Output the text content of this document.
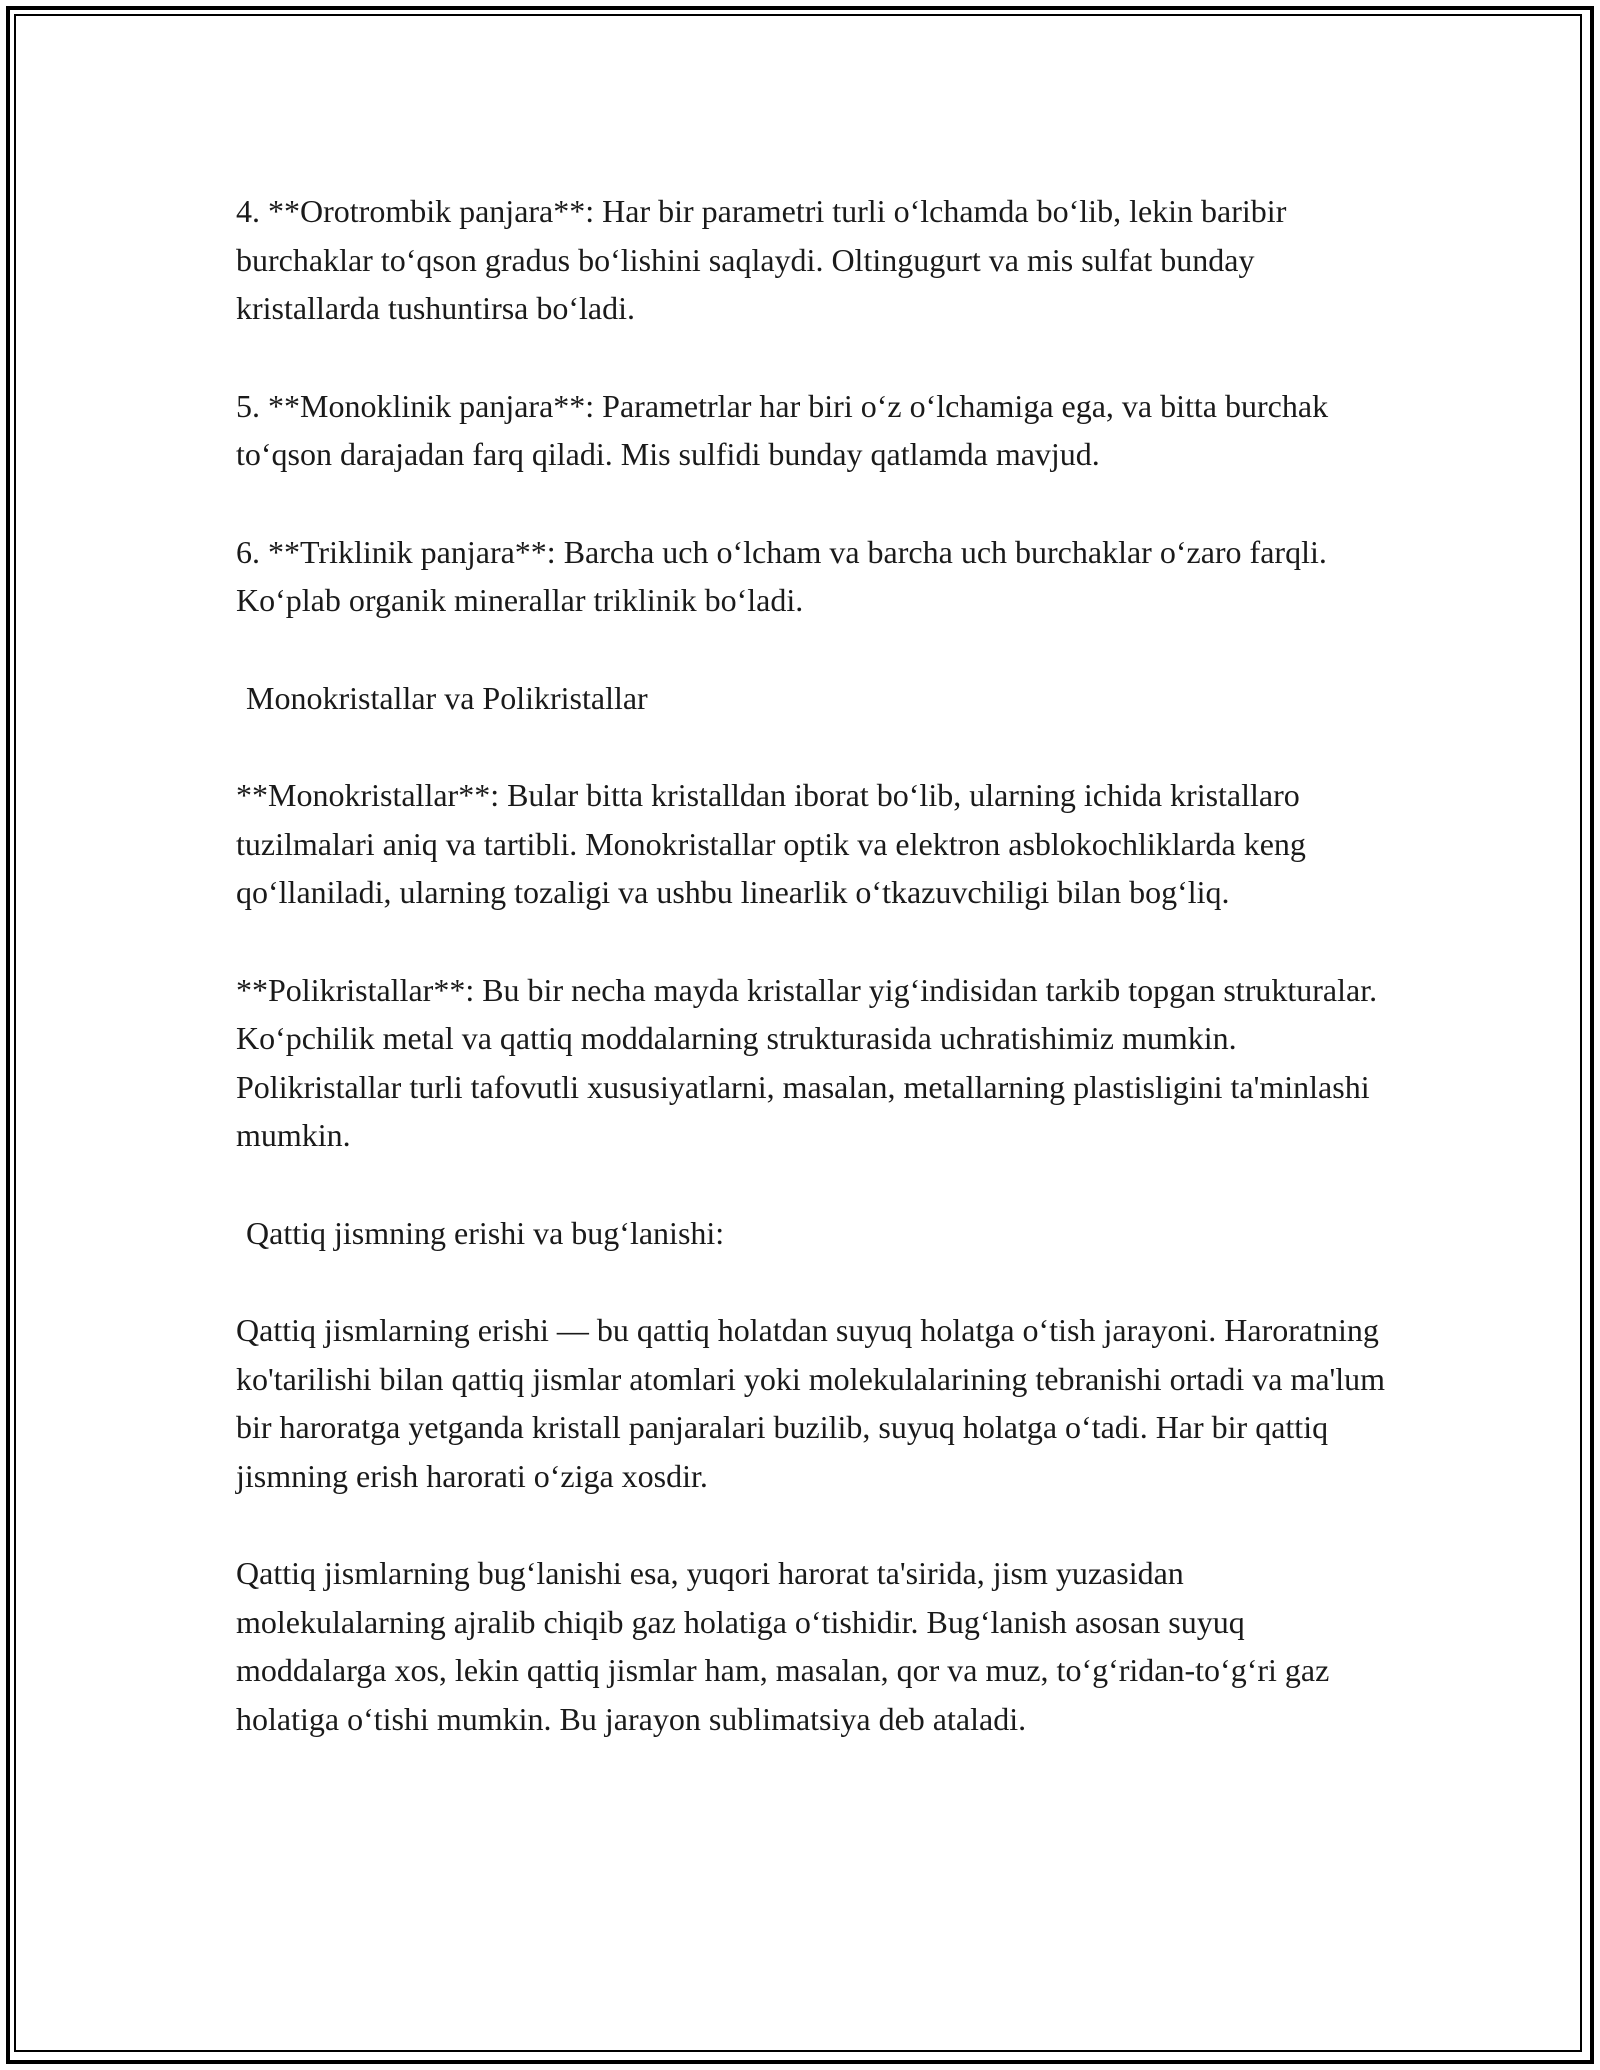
4. **Orotrombik panjara**: Har bir parametri turli o‘lchamda bo‘lib, lekin baribir burchaklar to‘qson gradus bo‘lishini saqlaydi. Oltingugurt va mis sulfat bunday kristallarda tushuntirsa bo‘ladi.

5. **Monoklinik panjara**: Parametrlar har biri o‘z o‘lchamiga ega, va bitta burchak to‘qson darajadan farq qiladi. Mis sulfidi bunday qatlamda mavjud.

6. **Triklinik panjara**: Barcha uch o‘lcham va barcha uch burchaklar o‘zaro farqli. Ko‘plab organik minerallar triklinik bo‘ladi.

Monokristallar va Polikristallar

**Monokristallar**: Bular bitta kristalldan iborat bo‘lib, ularning ichida kristallaro tuzilmalari aniq va tartibli. Monokristallar optik va elektron asblokochliklarda keng qo‘llaniladi, ularning tozaligi va ushbu linearlik o‘tkazuvchiligi bilan bog‘liq.

**Polikristallar**: Bu bir necha mayda kristallar yig‘indisidan tarkib topgan strukturalar. Ko‘pchilik metal va qattiq moddalarning strukturasida uchratishimiz mumkin. Polikristallar turli tafovutli xususiyatlarni, masalan, metallarning plastisligini ta'minlashi mumkin.

Qattiq jismning erishi va bug‘lanishi:

Qattiq jismlarning erishi — bu qattiq holatdan suyuq holatga o‘tish jarayoni. Haroratning ko'tarilishi bilan qattiq jismlar atomlari yoki molekulalarining tebranishi ortadi va ma'lum bir haroratga yetganda kristall panjaralari buzilib, suyuq holatga o‘tadi. Har bir qattiq jismning erish harorati o‘ziga xosdir.

Qattiq jismlarning bug‘lanishi esa, yuqori harorat ta'sirida, jism yuzasidan molekulalarning ajralib chiqib gaz holatiga o‘tishidir. Bug‘lanish asosan suyuq moddalarga xos, lekin qattiq jismlar ham, masalan, qor va muz, to‘g‘ridan-to‘g‘ri gaz holatiga o‘tishi mumkin. Bu jarayon sublimatsiya deb ataladi.
